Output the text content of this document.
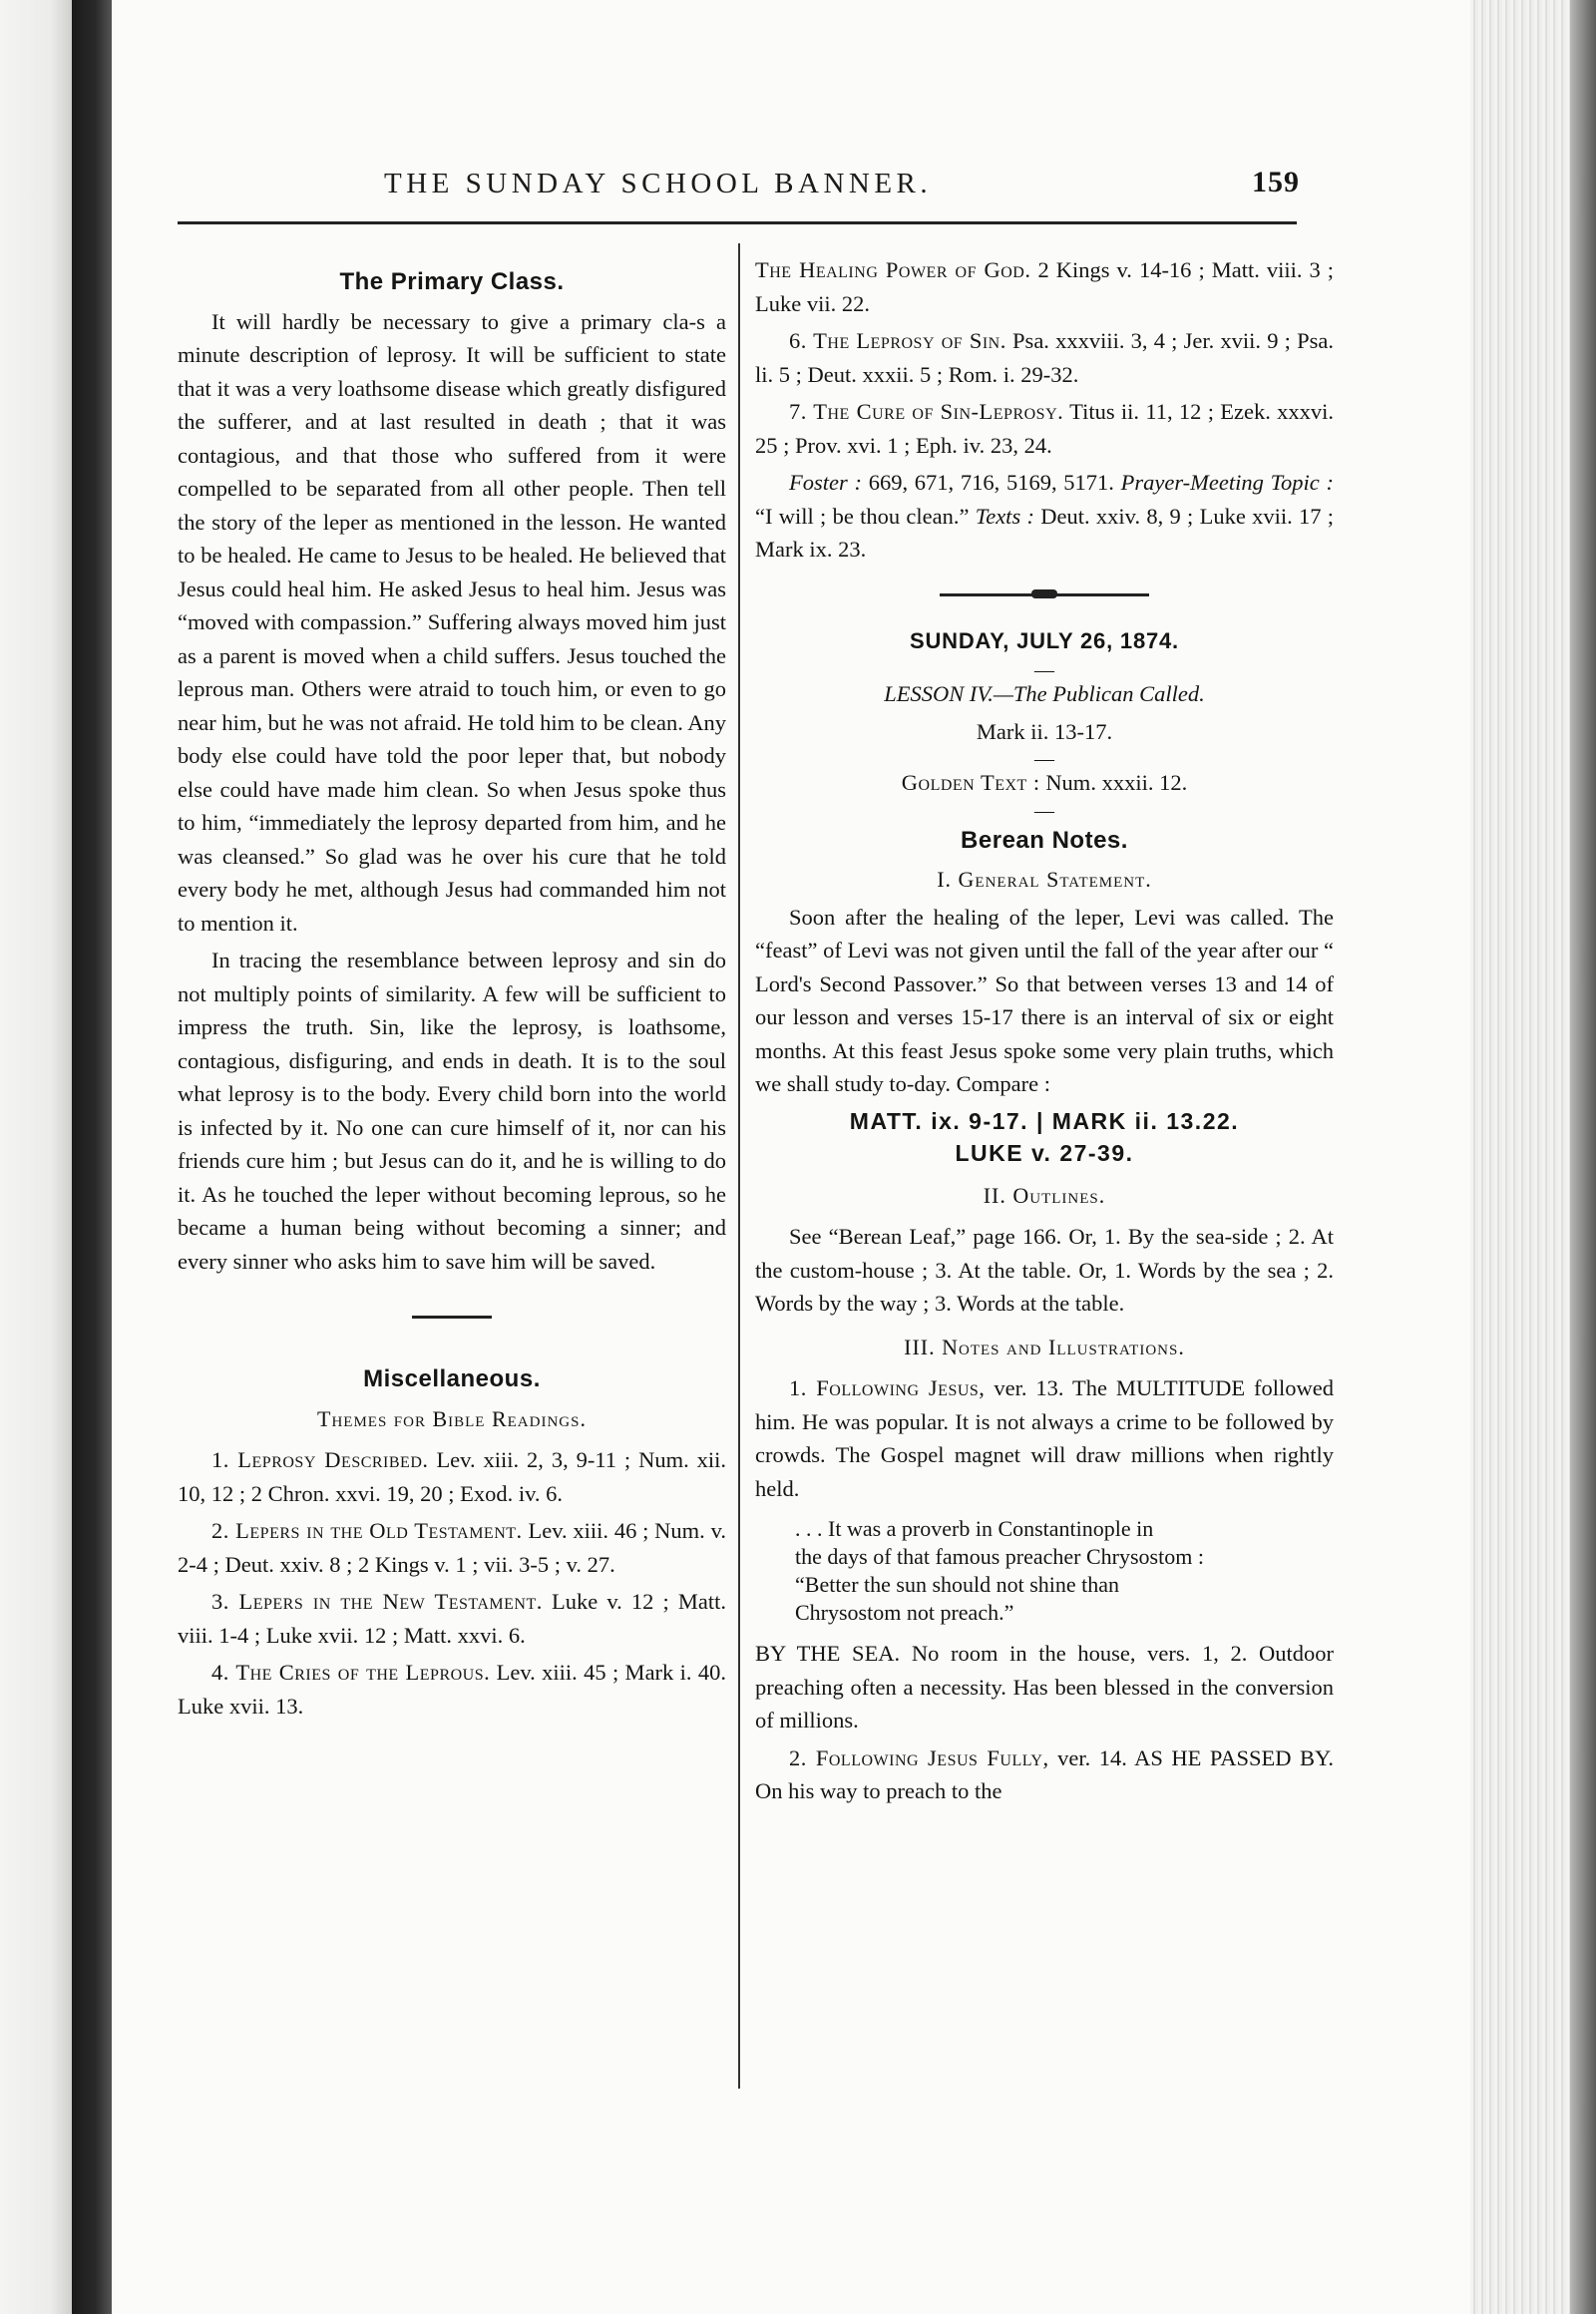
THE SUNDAY SCHOOL BANNER.	159
The Primary Class.

It will hardly be necessary to give a primary cla-s a minute description of leprosy. It will be sufficient to state that it was a very loathsome disease which greatly disfigured the sufferer, and at last resulted in death ; that it was contagious, and that those who suffered from it were compelled to be separated from all other people. Then tell the story of the leper as mentioned in the lesson. He wanted to be healed. He came to Jesus to be healed. He believed that Jesus could heal him. He asked Jesus to heal him. Jesus was “moved with compassion.” Suffering always moved him just as a parent is moved when a child suffers. Jesus touched the leprous man. Others were atraid to touch him, or even to go near him, but he was not afraid. He told him to be clean. Any body else could have told the poor leper that, but nobody else could have made him clean. So when Jesus spoke thus to him, “immediately the leprosy departed from him, and he was cleansed.” So glad was he over his cure that he told every body he met, although Jesus had commanded him not to mention it.

In tracing the resemblance between leprosy and sin do not multiply points of similarity. A few will be sufficient to impress the truth. Sin, like the leprosy, is loathsome, contagious, disfiguring, and ends in death. It is to the soul what leprosy is to the body. Every child born into the world is infected by it. No one can cure himself of it, nor can his friends cure him ; but Jesus can do it, and he is willing to do it. As he touched the leper without becoming leprous, so he became a human being without becoming a sinner; and every sinner who asks him to save him will be saved.

Miscellaneous.
Themes for Bible Readings.

1. Leprosy Described. Lev. xiii. 2, 3, 9-11 ; Num. xii. 10, 12 ; 2 Chron. xxvi. 19, 20 ; Exod. iv. 6.

2. Lepers in the Old Testament. Lev. xiii. 46 ; Num. v. 2-4 ; Deut. xxiv. 8 ; 2 Kings v. 1 ; vii. 3-5 ; v. 27.

3. Lepers in the New Testament. Luke v. 12 ; Matt. viii. 1-4 ; Luke xvii. 12 ; Matt. xxvi. 6.

4. The Cries of the Leprous. Lev. xiii. 45 ; Mark i. 40. Luke xvii. 13.

The Healing Power of God. 2 Kings v. 14-16 ; Matt. viii. 3 ; Luke vii. 22.

6. The Leprosy of Sin. Psa. xxxviii. 3, 4 ; Jer. xvii. 9 ; Psa. li. 5 ; Deut. xxxii. 5 ; Rom. i. 29-32.

7. The Cure of Sin-Leprosy. Titus ii. 11, 12 ; Ezek. xxxvi. 25 ; Prov. xvi. 1 ; Eph. iv. 23, 24.

Foster : 669, 671, 716, 5169, 5171. Prayer-Meeting Topic : “I will ; be thou clean.” Texts : Deut. xxiv. 8, 9 ; Luke xvii. 17 ; Mark ix. 23.

SUNDAY, JULY 26, 1874.
—

LESSON IV.—The Publican Called.

Mark ii. 13-17.

—

Golden Text : Num. xxxii. 12.

—
Berean Notes.
I. General Statement.

Soon after the healing of the leper, Levi was called. The “feast” of Levi was not given until the fall of the year after our “ Lord's Second Passover.” So that between verses 13 and 14 of our lesson and verses 15-17 there is an interval of six or eight months. At this feast Jesus spoke some very plain truths, which we shall study to-day. Compare :

MATT. ix. 9-17. | MARK ii. 13.22.
LUKE v. 27-39.
II. Outlines.

See “Berean Leaf,” page 166. Or, 1. By the sea-side ; 2. At the custom-house ; 3. At the table. Or, 1. Words by the sea ; 2. Words by the way ; 3. Words at the table.

III. Notes and Illustrations.

1. Following Jesus, ver. 13. The MULTITUDE followed him. He was popular. It is not always a crime to be followed by crowds. The Gospel magnet will draw millions when rightly held.

. . . It was a proverb in Constantinople in
the days of that famous preacher Chrysostom :
“Better the sun should not shine than
Chrysostom not preach.”

BY THE SEA. No room in the house, vers. 1, 2. Outdoor preaching often a necessity. Has been blessed in the conversion of millions.

2. Following Jesus Fully, ver. 14. AS HE PASSED BY. On his way to preach to the
